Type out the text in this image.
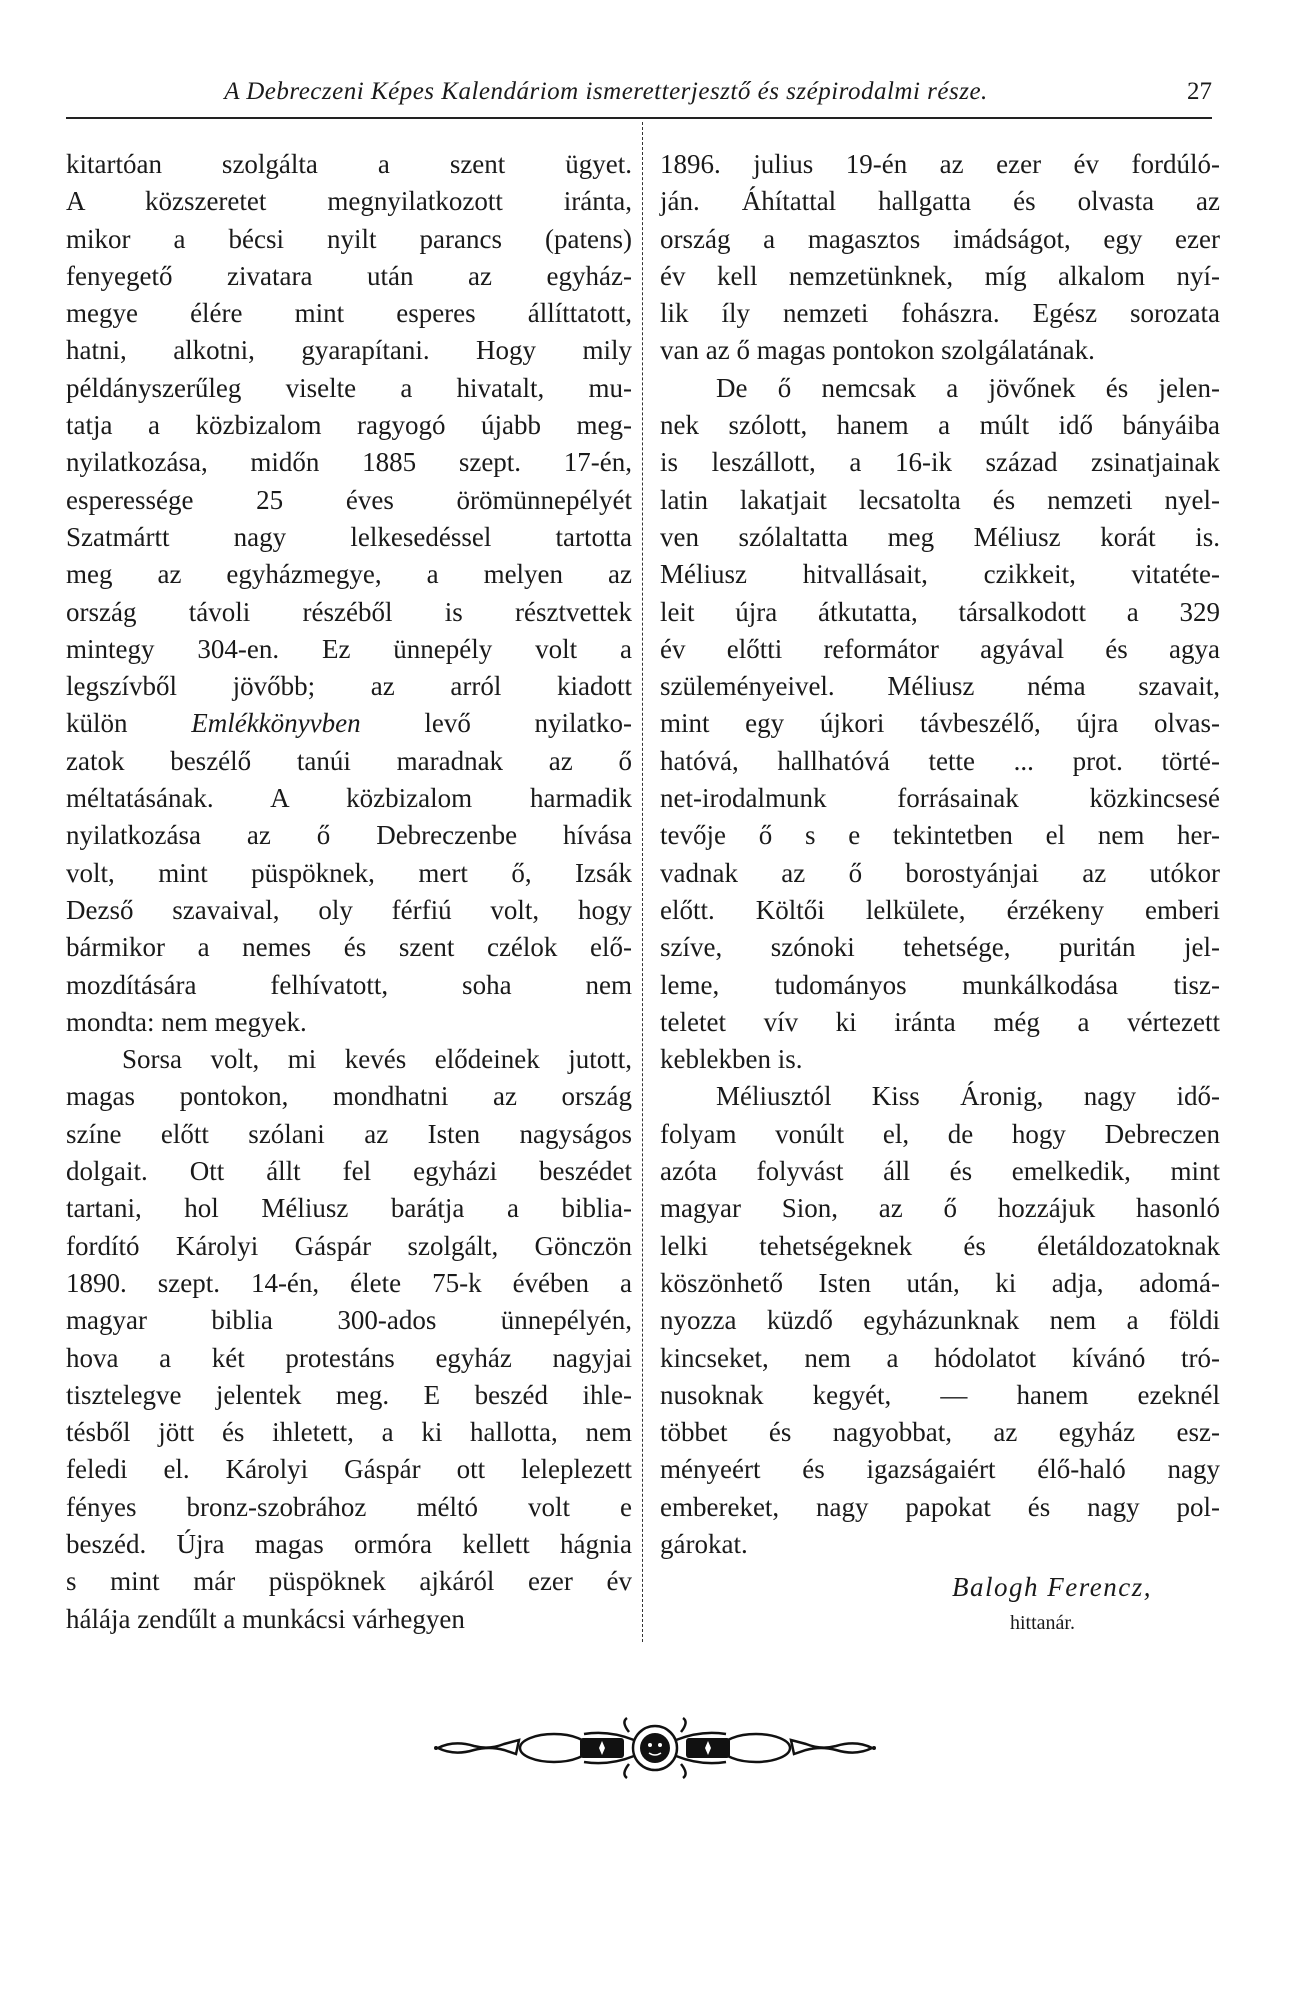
A Debreczeni Képes Kalendáriom ismeretterjesztő és szépirodalmi része.	27
kitartóan szolgálta a szent ügyet.
A közszeretet megnyilatkozott iránta,
mikor a bécsi nyilt parancs (patens)
fenyegető zivatara után az egyház-
megye élére mint esperes állíttatott,
hatni, alkotni, gyarapítani. Hogy mily
példányszerűleg viselte a hivatalt, mu-
tatja a közbizalom ragyogó újabb meg-
nyilatkozása, midőn 1885 szept. 17-én,
esperessége 25 éves örömünnepélyét
Szatmártt nagy lelkesedéssel tartotta
meg az egyházmegye, a melyen az
ország távoli részéből is résztvettek
mintegy 304-en. Ez ünnepély volt a
legszívből jövőbb; az arról kiadott
külön Emlékkönyvben levő nyilatko-
zatok beszélő tanúi maradnak az ő
méltatásának. A közbizalom harmadik
nyilatkozása az ő Debreczenbe hívása
volt, mint püspöknek, mert ő, Izsák
Dezső szavaival, oly férfiú volt, hogy
bármikor a nemes és szent czélok elő-
mozdítására felhívatott, soha nem
mondta: nem megyek.
Sorsa volt, mi kevés elődeinek jutott,
magas pontokon, mondhatni az ország
színe előtt szólani az Isten nagyságos
dolgait. Ott állt fel egyházi beszédet
tartani, hol Méliusz barátja a biblia-
fordító Károlyi Gáspár szolgált, Gönczön
1890. szept. 14-én, élete 75-k évében a
magyar biblia 300-ados ünnepélyén,
hova a két protestáns egyház nagyjai
tisztelegve jelentek meg. E beszéd ihle-
tésből jött és ihletett, a ki hallotta, nem
feledi el. Károlyi Gáspár ott leleplezett
fényes bronz-szobrához méltó volt e
beszéd. Újra magas ormóra kellett hágnia
s mint már püspöknek ajkáról ezer év
hálája zendűlt a munkácsi várhegyen
1896. julius 19-én az ezer év fordúló-
ján. Áhítattal hallgatta és olvasta az
ország a magasztos imádságot, egy ezer
év kell nemzetünknek, míg alkalom nyí-
lik íly nemzeti fohászra. Egész sorozata
van az ő magas pontokon szolgálatának.
De ő nemcsak a jövőnek és jelen-
nek szólott, hanem a múlt idő bányáiba
is leszállott, a 16-ik század zsinatjainak
latin lakatjait lecsatolta és nemzeti nyel-
ven szólaltatta meg Méliusz korát is.
Méliusz hitvallásait, czikkeit, vitatéte-
leit újra átkutatta, társalkodott a 329
év előtti reformátor agyával és agya
szüleményeivel. Méliusz néma szavait,
mint egy újkori távbeszélő, újra olvas-
hatóvá, hallhatóvá tette ... prot. törté-
net-irodalmunk forrásainak közkincsesé
tevője ő s e tekintetben el nem her-
vadnak az ő borostyánjai az utókor
előtt. Költői lelkülete, érzékeny emberi
szíve, szónoki tehetsége, puritán jel-
leme, tudományos munkálkodása tisz-
teletet vív ki iránta még a vértezett
keblekben is.
Méliusztól Kiss Áronig, nagy idő-
folyam vonúlt el, de hogy Debreczen
azóta folyvást áll és emelkedik, mint
magyar Sion, az ő hozzájuk hasonló
lelki tehetségeknek és életáldozatoknak
köszönhető Isten után, ki adja, adomá-
nyozza küzdő egyházunknak nem a földi
kincseket, nem a hódolatot kívánó tró-
nusoknak kegyét, — hanem ezeknél
többet és nagyobbat, az egyház esz-
ményeért és igazságaiért élő-haló nagy
embereket, nagy papokat és nagy pol-
gárokat.
Balogh Ferencz,
hittanár.
